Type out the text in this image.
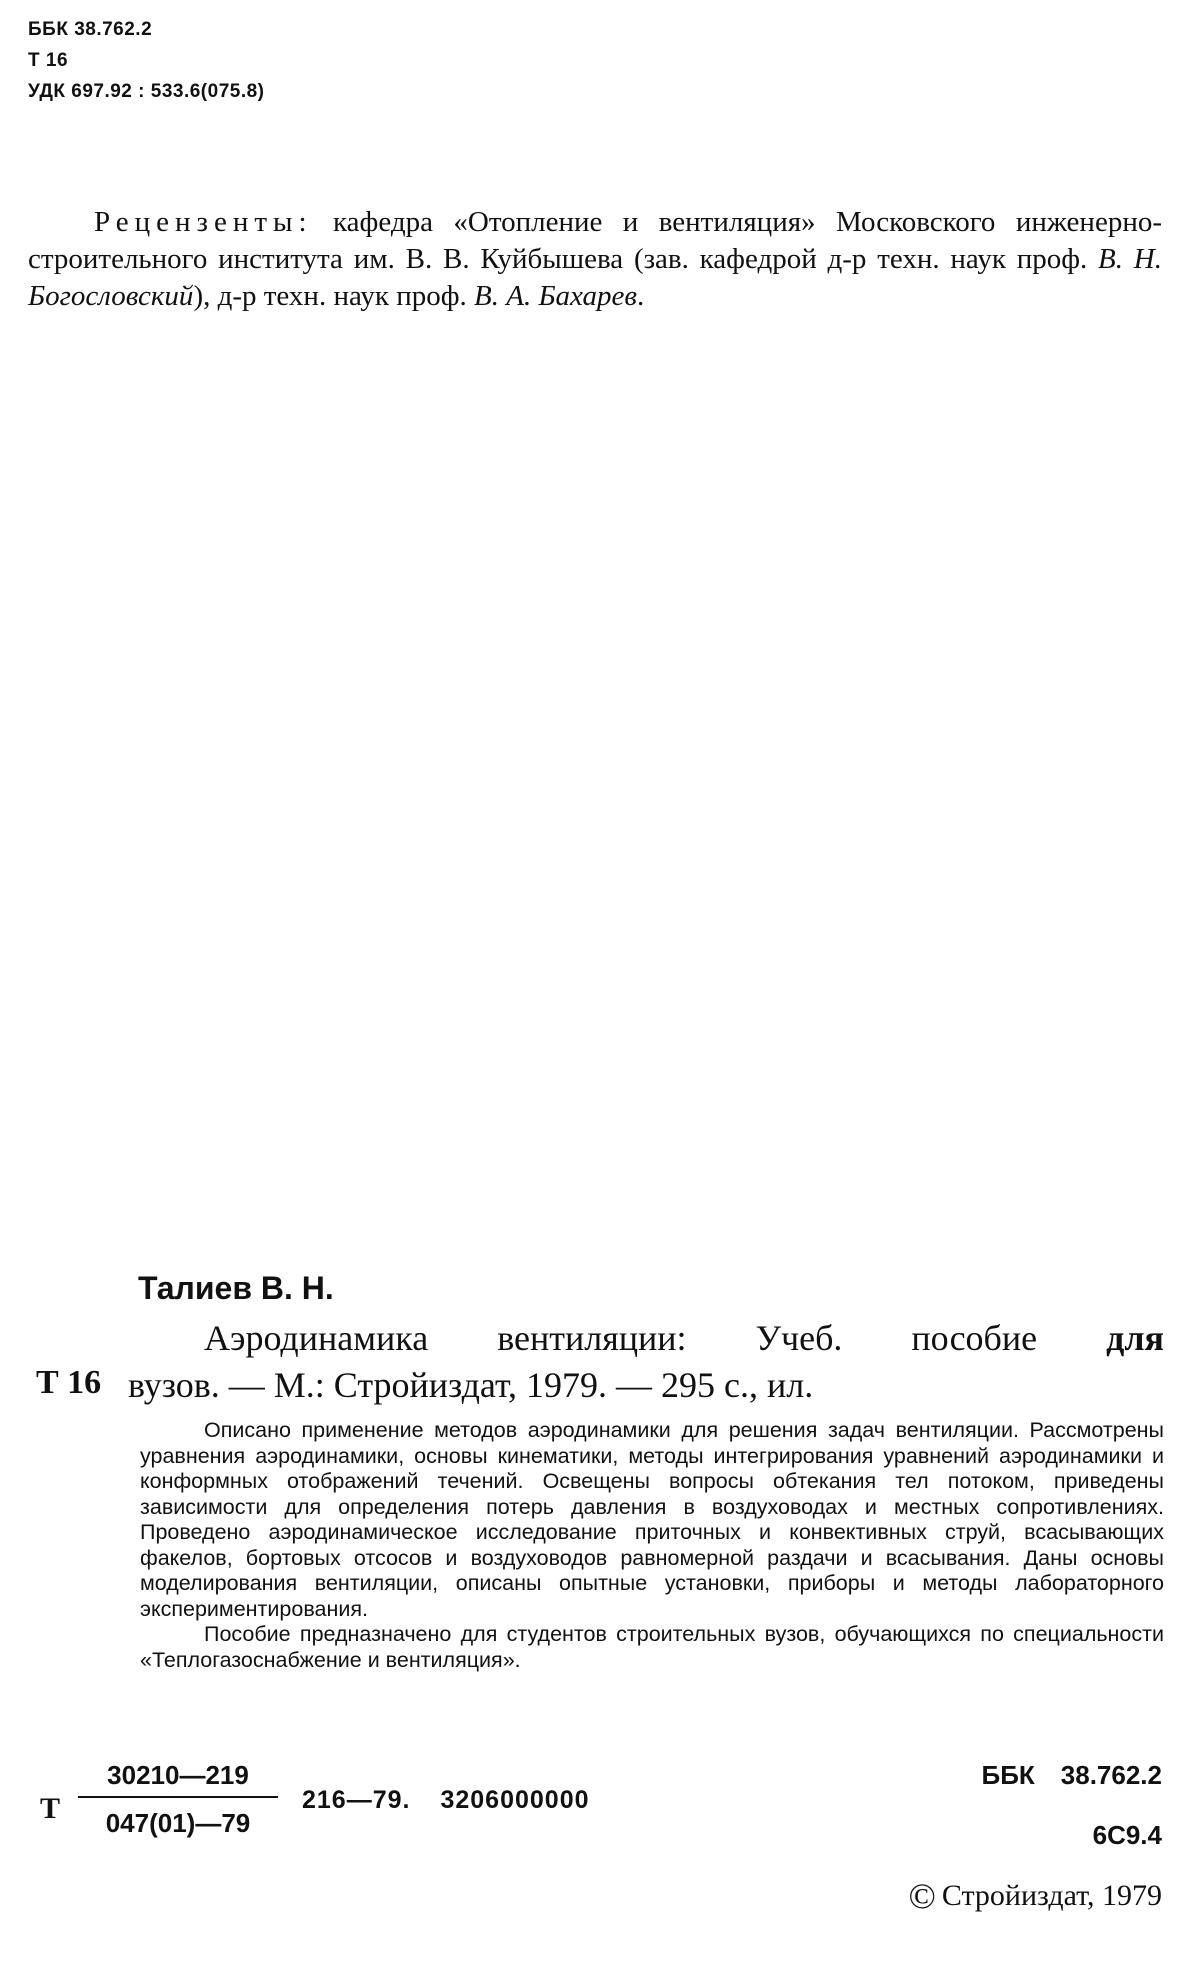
ББК 38.762.2
Т 16
УДК 697.92 : 533.6(075.8)
Рецензенты: кафедра «Отопление и вентиляция» Московского инженерно-строительного института им. В. В. Куйбышева (зав. кафедрой д-р техн. наук проф. В. Н. Богословский), д-р техн. наук проф. В. А. Бахарев.
Талиев В. Н.
Аэродинамика вентиляции: Учеб. пособие для
Т 16 вузов. — М.: Стройиздат, 1979. — 295 с., ил.

Описано применение методов аэродинамики для решения задач вентиляции. Рассмотрены уравнения аэродинамики, основы кинематики, методы интегрирования уравнений аэродинамики и конформных отображений течений. Освещены вопросы обтекания тел потоком, приведены зависимости для определения потерь давления в воздуховодах и местных сопротивлениях. Проведено аэродинамическое исследование приточных и конвективных струй, всасывающих факелов, бортовых отсосов и воздуховодов равномерной раздачи и всасывания. Даны основы моделирования вентиляции, описаны опытные установки, приборы и методы лабораторного экспериментирования.

Пособие предназначено для студентов строительных вузов, обучающихся по специальности «Теплогазоснабжение и вентиляция».

Т $\frac{30210—219}{047(01)—79}$ 216—79. 3206000000
ББК 38.762.2
6С9.4
© Стройиздат, 1979
